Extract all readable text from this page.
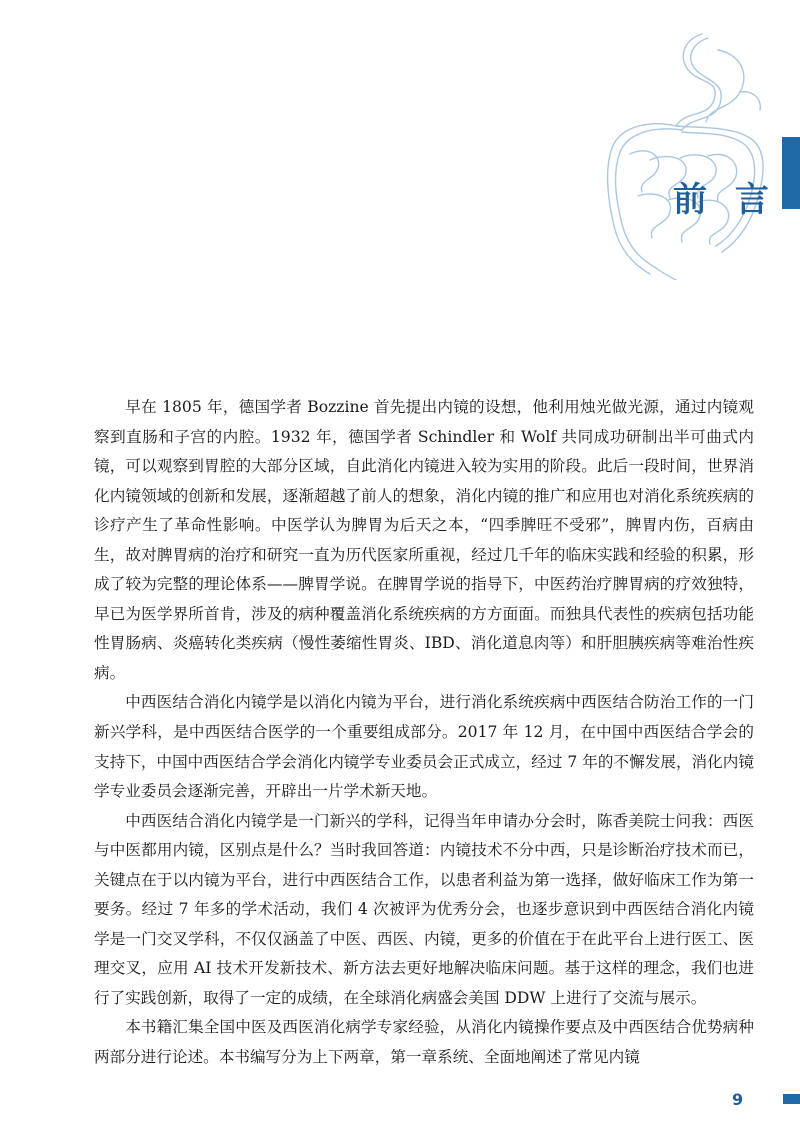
前 言

早在 1805 年，德国学者 Bozzine 首先提出内镜的设想，他利用烛光做光源，通过内镜观察到直肠和子宫的内腔。1932 年，德国学者 Schindler 和 Wolf 共同成功研制出半可曲式内镜，可以观察到胃腔的大部分区域，自此消化内镜进入较为实用的阶段。此后一段时间，世界消化内镜领域的创新和发展，逐渐超越了前人的想象，消化内镜的推广和应用也对消化系统疾病的诊疗产生了革命性影响。中医学认为脾胃为后天之本，“四季脾旺不受邪”，脾胃内伤，百病由生，故对脾胃病的治疗和研究一直为历代医家所重视，经过几千年的临床实践和经验的积累，形成了较为完整的理论体系——脾胃学说。在脾胃学说的指导下，中医药治疗脾胃病的疗效独特，早已为医学界所首肯，涉及的病种覆盖消化系统疾病的方方面面。而独具代表性的疾病包括功能性胃肠病、炎癌转化类疾病（慢性萎缩性胃炎、IBD、消化道息肉等）和肝胆胰疾病等难治性疾病。

中西医结合消化内镜学是以消化内镜为平台，进行消化系统疾病中西医结合防治工作的一门新兴学科，是中西医结合医学的一个重要组成部分。2017 年 12 月，在中国中西医结合学会的支持下，中国中西医结合学会消化内镜学专业委员会正式成立，经过 7 年的不懈发展，消化内镜学专业委员会逐渐完善，开辟出一片学术新天地。

中西医结合消化内镜学是一门新兴的学科，记得当年申请办分会时，陈香美院士问我：西医与中医都用内镜，区别点是什么？当时我回答道：内镜技术不分中西，只是诊断治疗技术而已，关键点在于以内镜为平台，进行中西医结合工作，以患者利益为第一选择，做好临床工作为第一要务。经过 7 年多的学术活动，我们 4 次被评为优秀分会，也逐步意识到中西医结合消化内镜学是一门交叉学科，不仅仅涵盖了中医、西医、内镜，更多的价值在于在此平台上进行医工、医理交叉，应用 AI 技术开发新技术、新方法去更好地解决临床问题。基于这样的理念，我们也进行了实践创新，取得了一定的成绩，在全球消化病盛会美国 DDW 上进行了交流与展示。

本书籍汇集全国中医及西医消化病学专家经验，从消化内镜操作要点及中西医结合优势病种两部分进行论述。本书编写分为上下两章，第一章系统、全面地阐述了常见内镜

9
